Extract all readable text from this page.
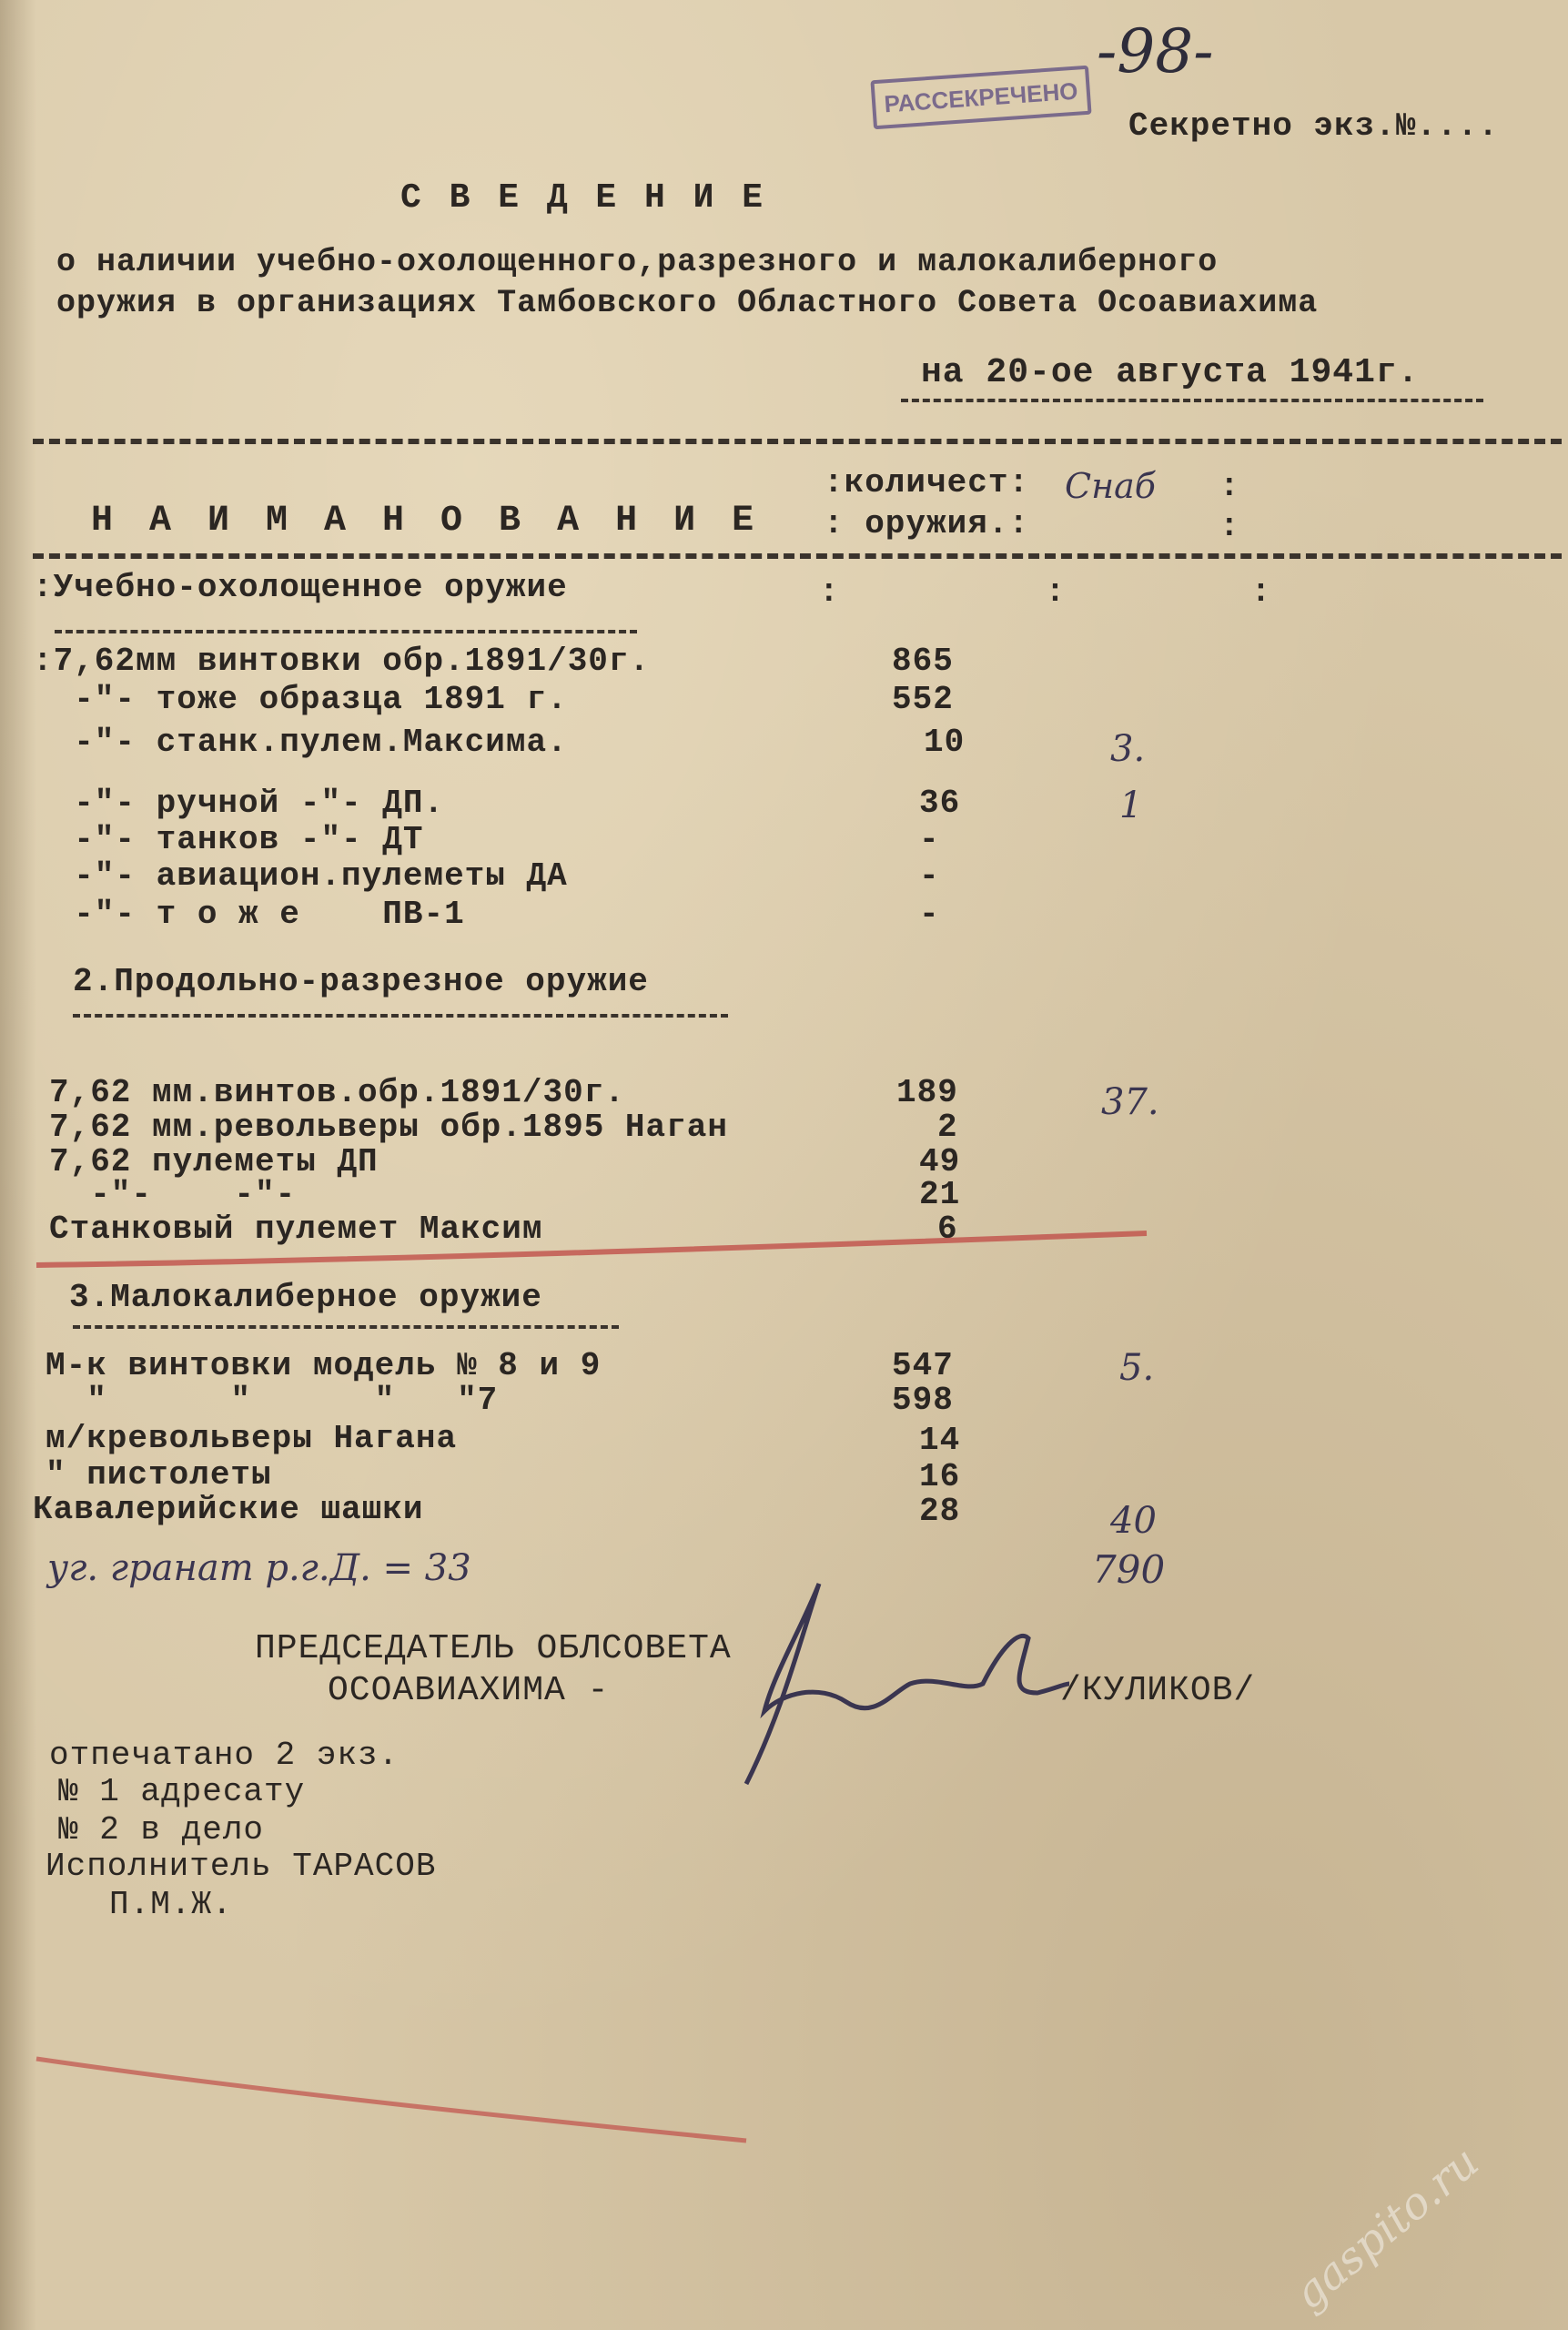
РАССЕКРЕЧЕНО
-98-
Секретно экз.№....
С В Е Д Е Н И Е
о наличии учебно-охолощенного,разрезного и малокалиберного
оружия в организациях Тамбовского Областного Совета Осоавиахима
на 20-ое августа 1941г.
Н А И М А Н О В А Н И Е
:количест:
: оружия.:
Снаб :
:
:Учебно-охолощенное оружие	:          :         :
:7,62мм винтовки обр.1891/30г.	865
-"- тоже образца 1891 г.	552
-"- станк.пулем.Максима.	10	3.
-"- ручной -"- ДП.	36	1
-"- танков -"- ДТ	-
-"- авиацион.пулеметы ДА	-
-"- т о ж е    ПВ-1	-
2.Продольно-разрезное оружие
7,62 мм.винтов.обр.1891/30г.	189	37.
7,62 мм.револьверы обр.1895 Наган	2
7,62 пулеметы ДП	49
-"-    -"-	21
Станковый пулемет Максим	6
3.Малокалиберное оружие
М-к винтовки модель № 8 и 9	547	5.
"      "      "   "7	598
м/кревольверы Нагана	14
" пистолеты	16
Кавалерийские шашки	28	40
уг. гранат р.г.Д. = 33	790
ПРЕДСЕДАТЕЛЬ ОБЛСОВЕТА
ОСОАВИАХИМА -	/КУЛИКОВ/
отпечатано 2 экз.
№ 1 адресату
№ 2 в дело
Исполнитель ТАРАСОВ
П.М.Ж.
gaspito.ru
